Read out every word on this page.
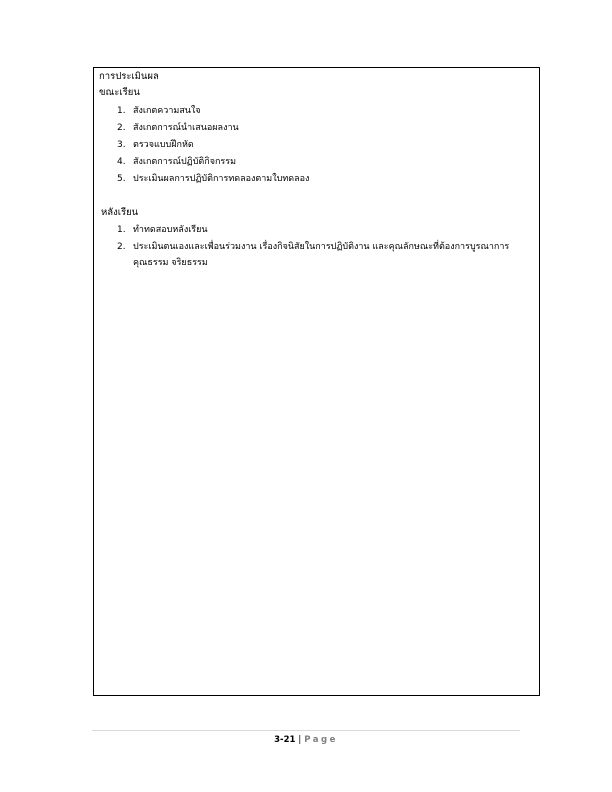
การประเมินผล
ขณะเรียน
1. สังเกตความสนใจ
2. สังเกตการณ์นำเสนอผลงาน
3. ตรวจแบบฝึกหัด
4. สังเกตการณ์ปฏิบัติกิจกรรม
5. ประเมินผลการปฏิบัติการทดลองตามใบทดลอง
หลังเรียน
1. ทำทดสอบหลังเรียน
2. ประเมินตนเองและเพื่อนร่วมงาน เรื่องกิจนิสัยในการปฏิบัติงาน และคุณลักษณะที่ต้องการบูรณาการ
คุณธรรม จริยธรรม
3-21 | Page
